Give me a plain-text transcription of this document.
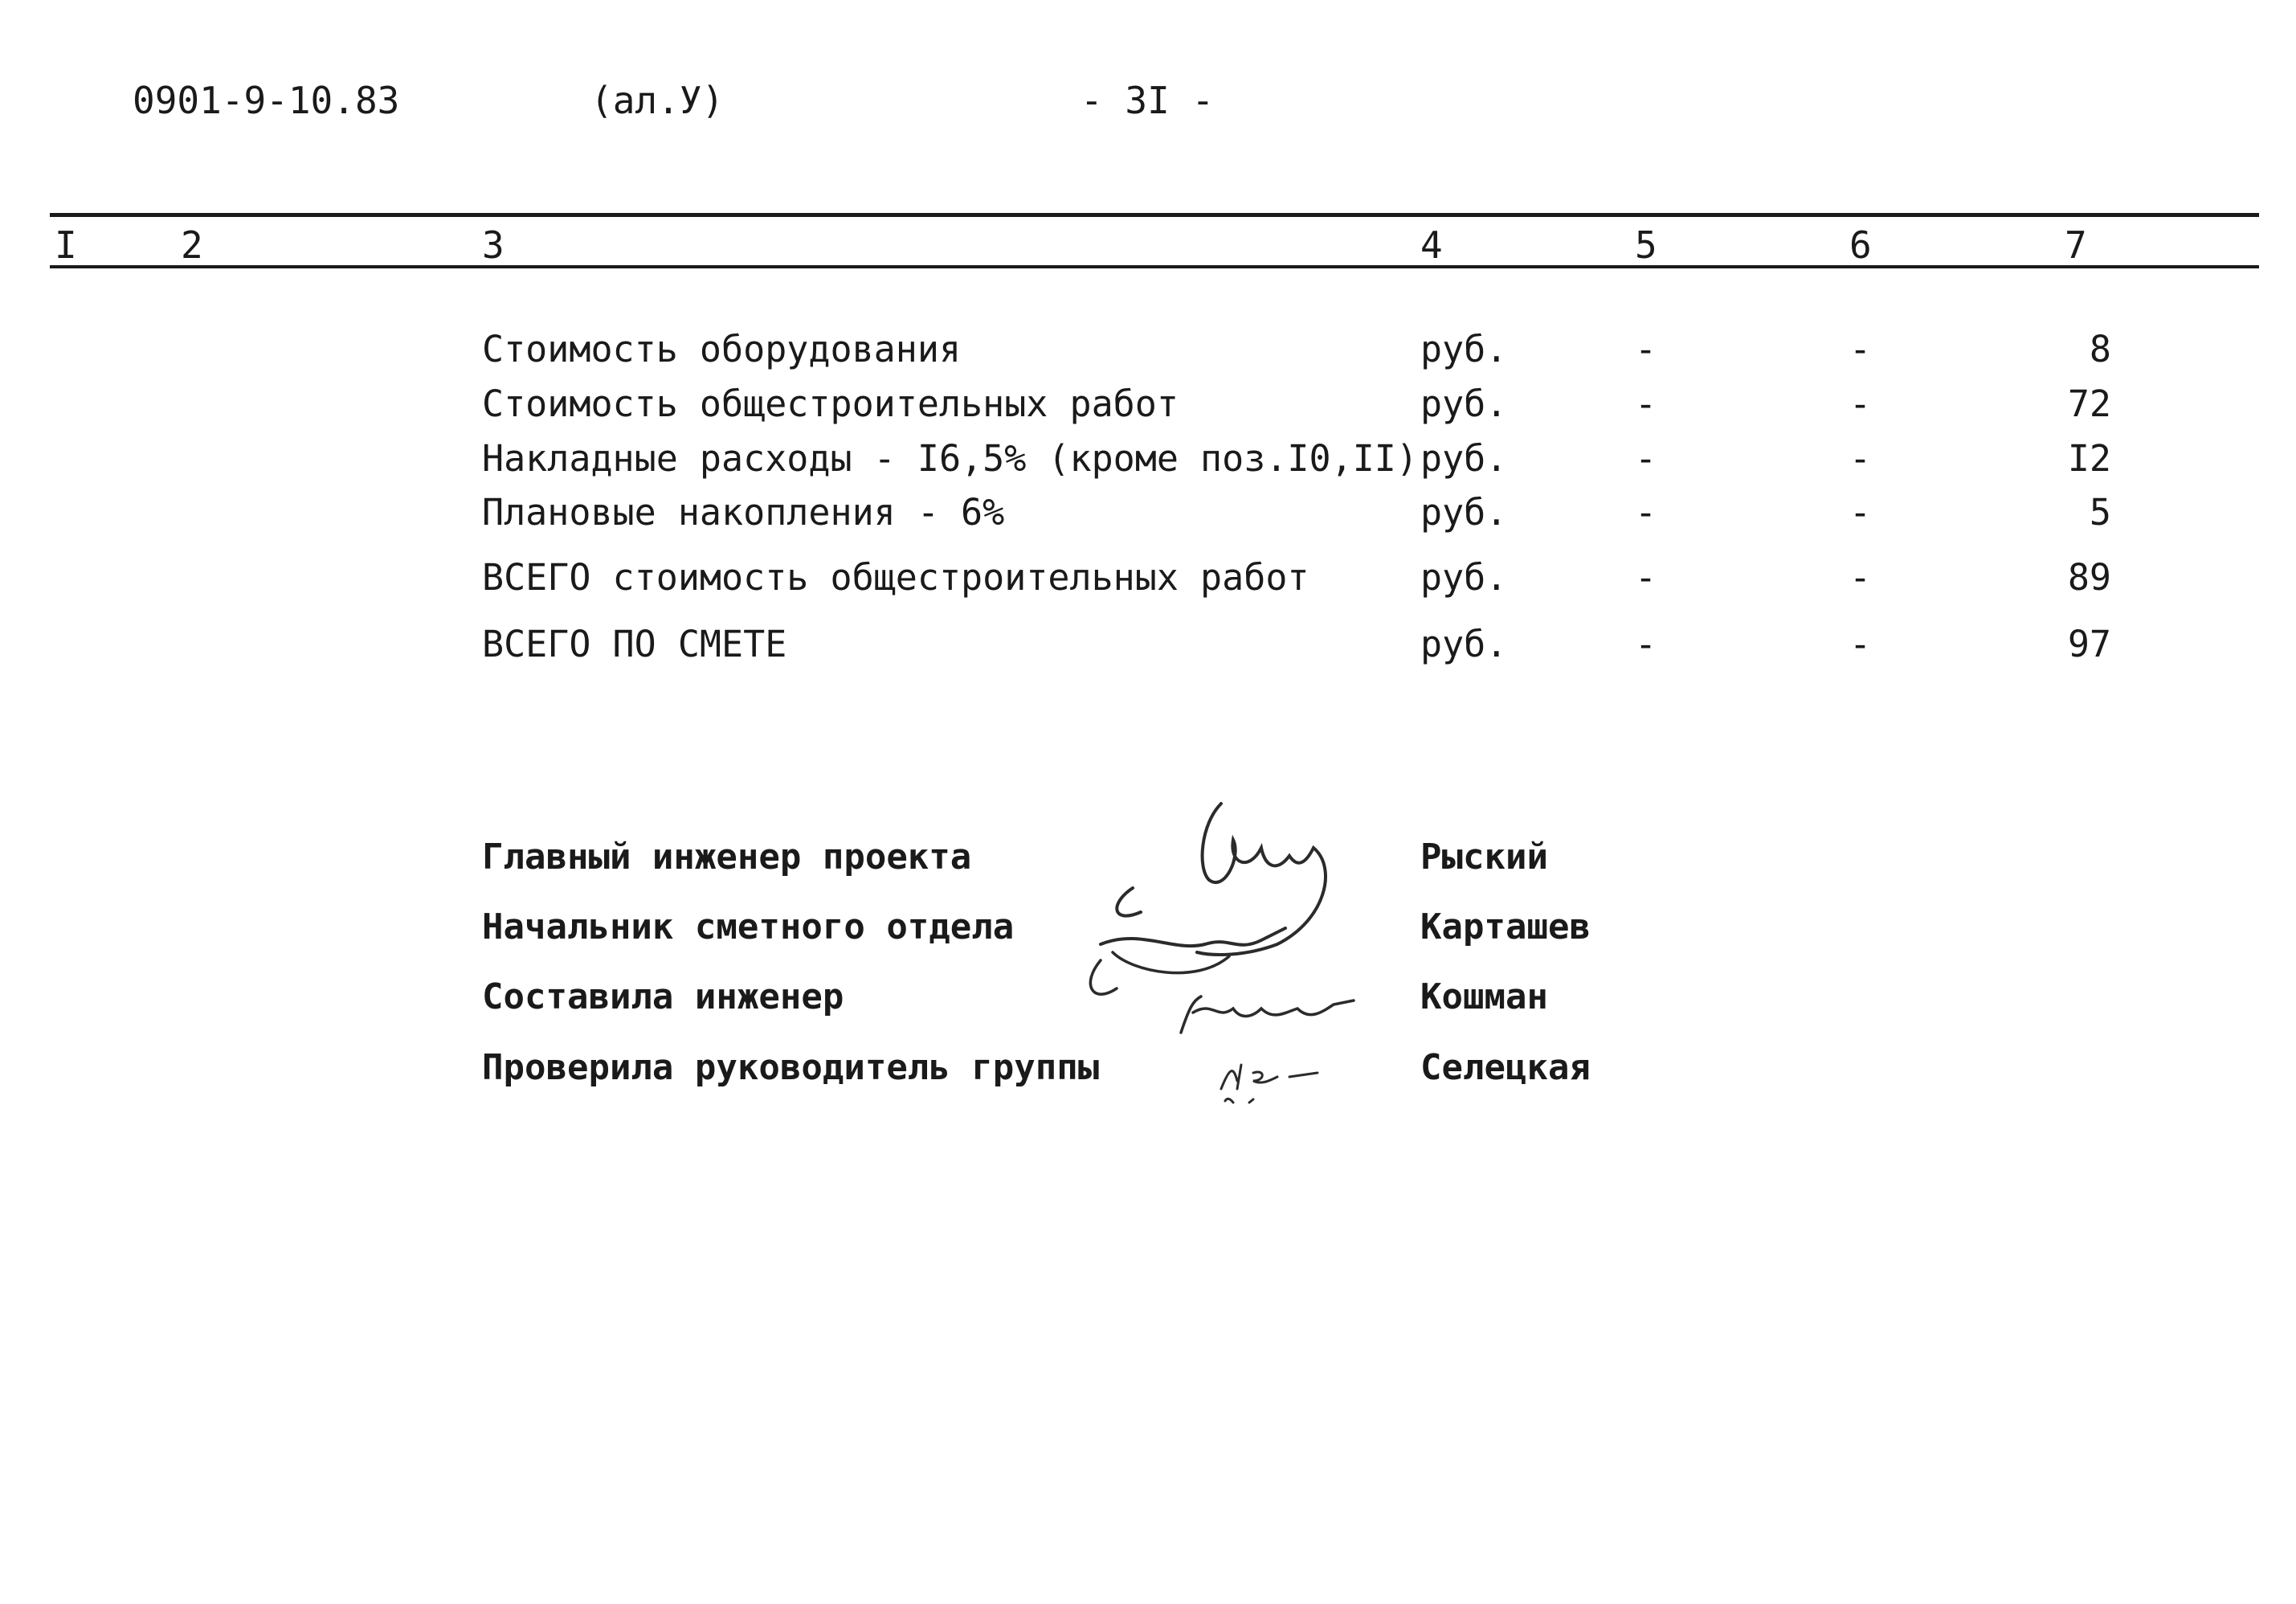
0901-9-10.83	(ал.У)	- 3I -
I	2	3	4	5	6	7
Стоимость оборудования	руб.	-	-	8
Стоимость общестроительных работ	руб.	-	-	72
Накладные расходы - I6,5% (кроме поз.I0,II) руб.	-	-	I2
Плановые накопления - 6%	руб.	-	-	5
ВСЕГО стоимость общестроительных работ	руб.	-	-	89
ВСЕГО ПО СМЕТЕ	руб.	-	-	97
Главный инженер проекта	Рыский
Начальник сметного отдела	Карташев
Составила инженер	Кошман
Проверила руководитель группы	Селецкая
